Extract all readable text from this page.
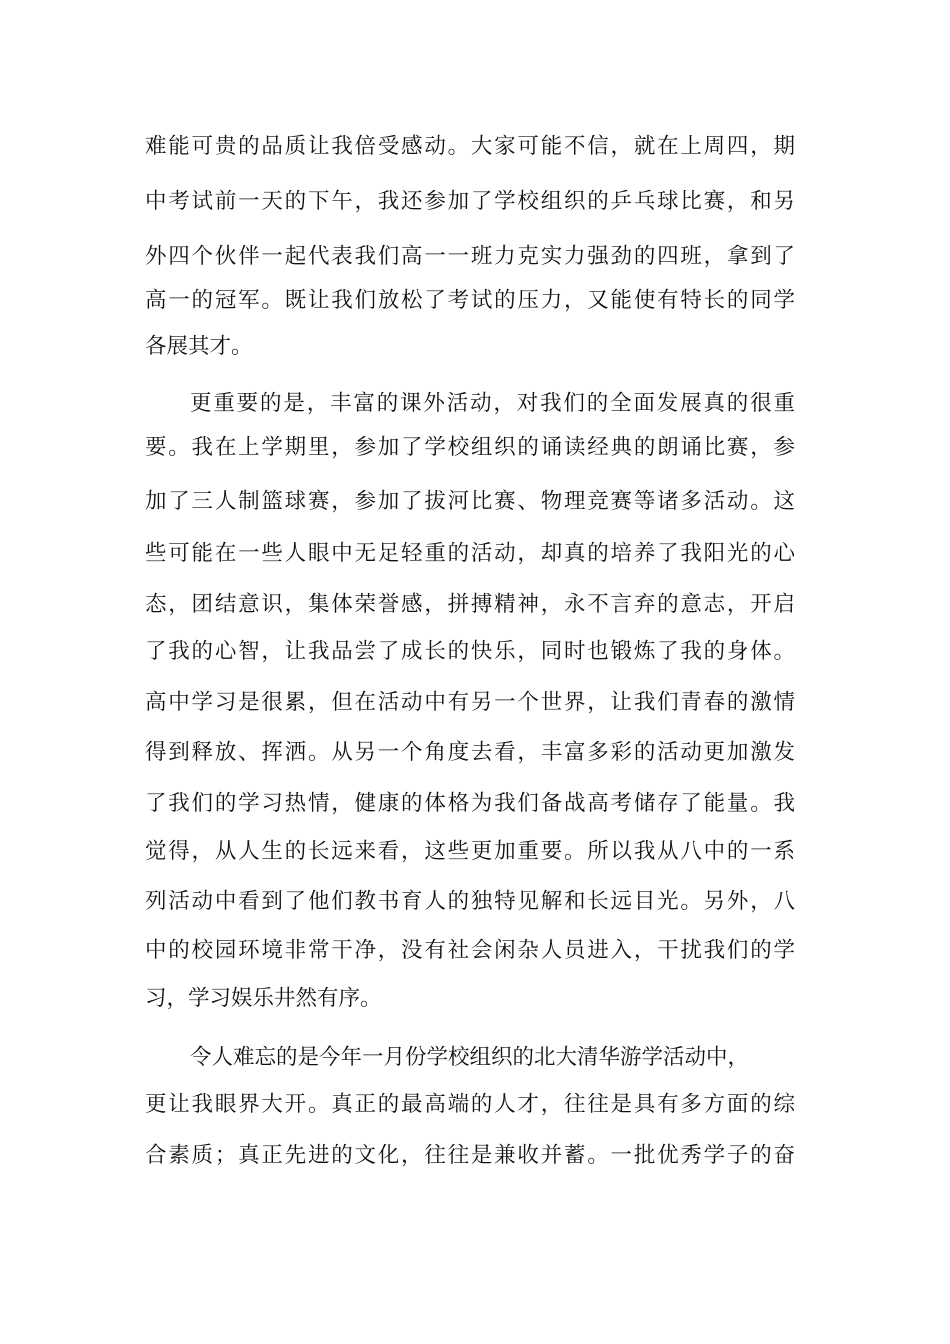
难能可贵的品质让我倍受感动。大家可能不信，就在上周四，期
中考试前一天的下午，我还参加了学校组织的乒乓球比赛，和另
外四个伙伴一起代表我们高一一班力克实力强劲的四班，拿到了
高一的冠军。既让我们放松了考试的压力，又能使有特长的同学
各展其才。
更重要的是，丰富的课外活动，对我们的全面发展真的很重
要。我在上学期里，参加了学校组织的诵读经典的朗诵比赛，参
加了三人制篮球赛，参加了拔河比赛、物理竞赛等诸多活动。这
些可能在一些人眼中无足轻重的活动，却真的培养了我阳光的心
态，团结意识，集体荣誉感，拼搏精神，永不言弃的意志，开启
了我的心智，让我品尝了成长的快乐，同时也锻炼了我的身体。
高中学习是很累，但在活动中有另一个世界，让我们青春的激情
得到释放、挥洒。从另一个角度去看，丰富多彩的活动更加激发
了我们的学习热情，健康的体格为我们备战高考储存了能量。我
觉得，从人生的长远来看，这些更加重要。所以我从八中的一系
列活动中看到了他们教书育人的独特见解和长远目光。另外，八
中的校园环境非常干净，没有社会闲杂人员进入，干扰我们的学
习，学习娱乐井然有序。
令人难忘的是今年一月份学校组织的北大清华游学活动中，
更让我眼界大开。真正的最高端的人才，往往是具有多方面的综
合素质；真正先进的文化，往往是兼收并蓄。一批优秀学子的奋
